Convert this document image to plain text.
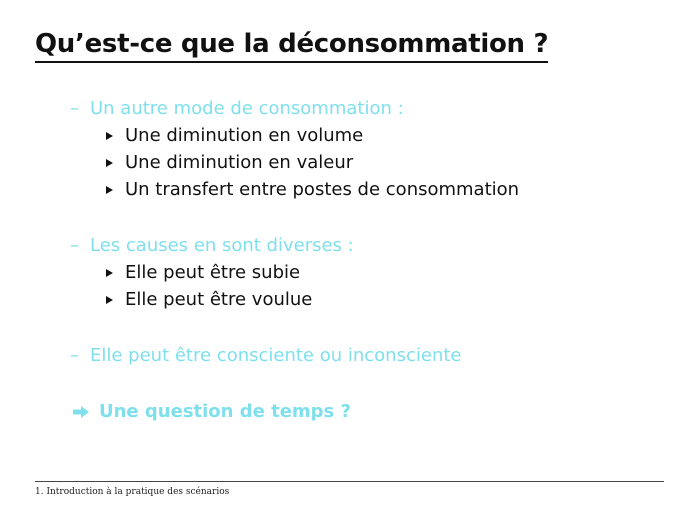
Qu’est-ce que la déconsommation ?
– Un autre mode de consommation :
Une diminution en volume
Une diminution en valeur
Un transfert entre postes de consommation
– Les causes en sont diverses :
Elle peut être subie
Elle peut être voulue
– Elle peut être consciente ou inconsciente
Une question de temps ?
1. Introduction à la pratique des scénarios
